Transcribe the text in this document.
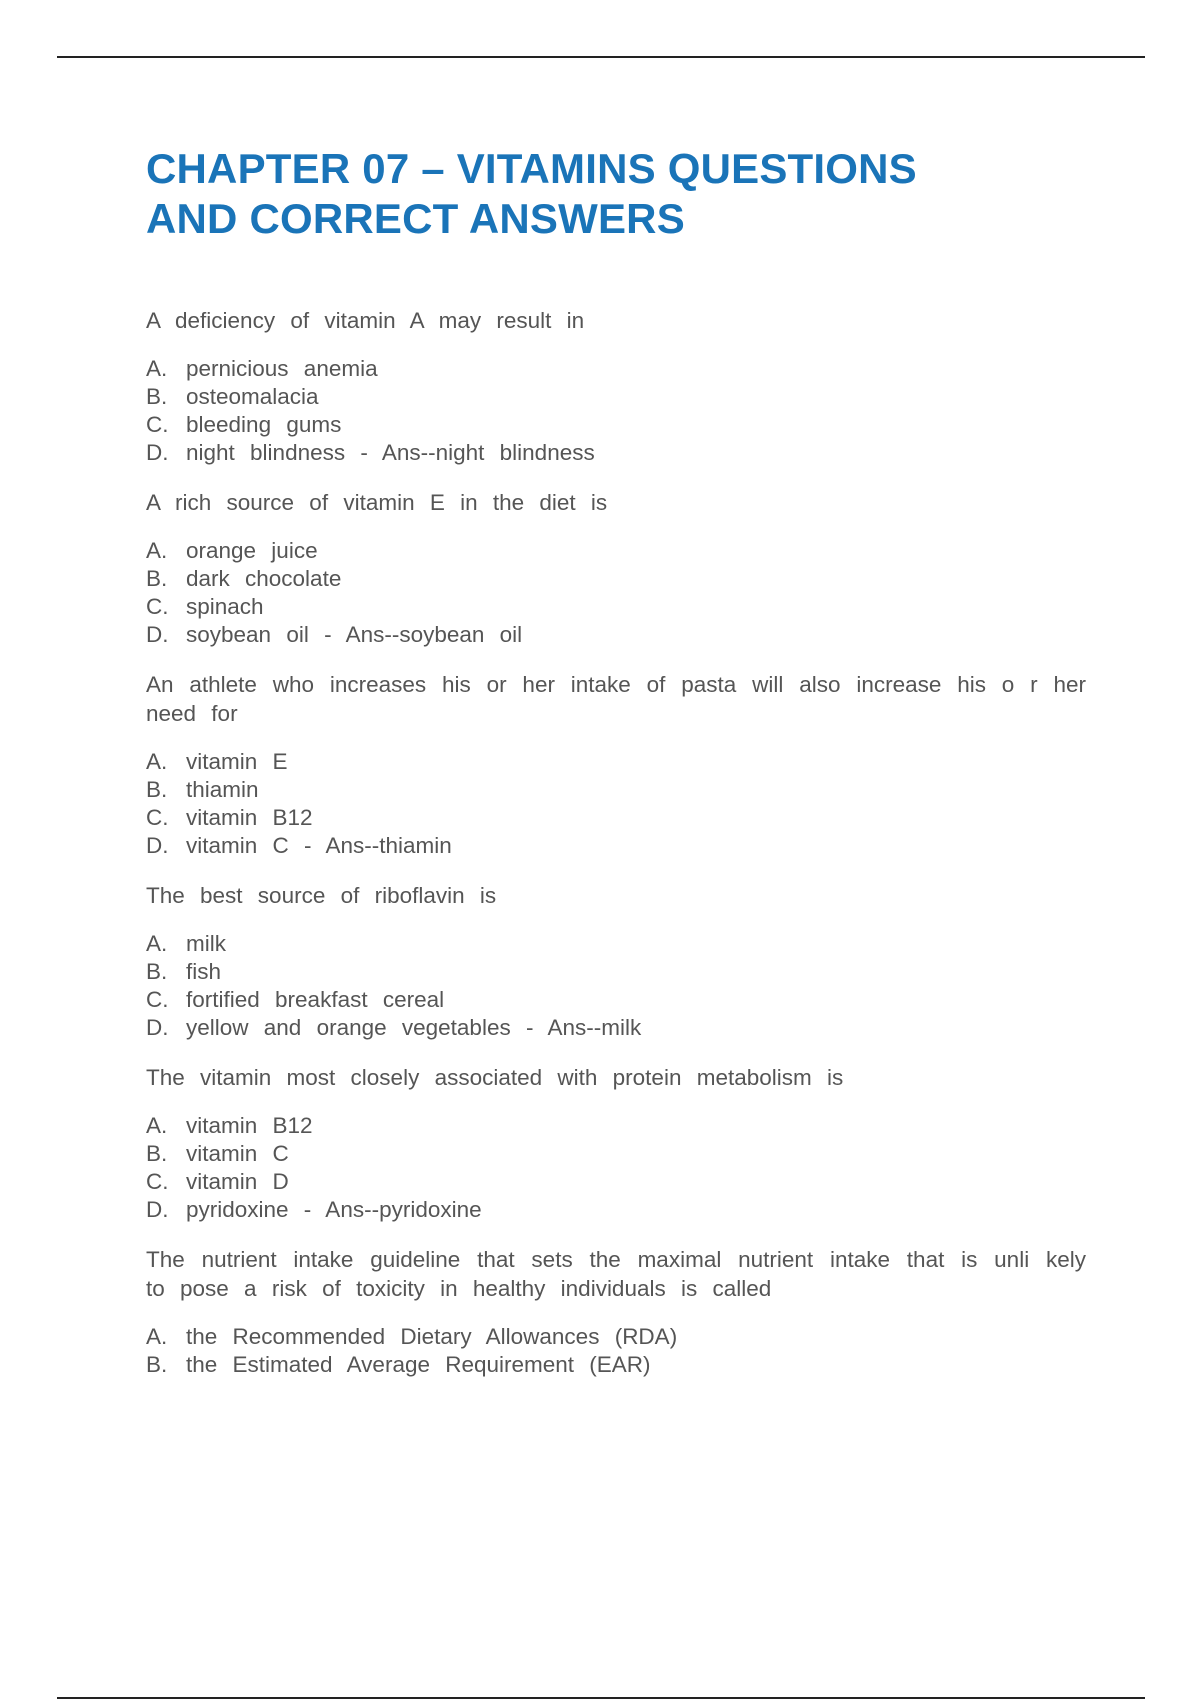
CHAPTER 07 – VITAMINS QUESTIONS
AND CORRECT ANSWERS

A deficiency of vitamin A may result in

A. pernicious anemia
B. osteomalacia
C. bleeding gums
D. night blindness - Ans--night blindness

A rich source of vitamin E in the diet is

A. orange juice
B. dark chocolate
C. spinach
D. soybean oil - Ans--soybean oil

An athlete who increases his or her intake of pasta will also increase his o r her need for

A. vitamin E
B. thiamin
C. vitamin B12
D. vitamin C - Ans--thiamin

The best source of riboflavin is

A. milk
B. fish
C. fortified breakfast cereal
D. yellow and orange vegetables - Ans--milk

The vitamin most closely associated with protein metabolism is

A. vitamin B12
B. vitamin C
C. vitamin D
D. pyridoxine - Ans--pyridoxine

The nutrient intake guideline that sets the maximal nutrient intake that is unli kely to pose a risk of toxicity in healthy individuals is called

A. the Recommended Dietary Allowances (RDA)
B. the Estimated Average Requirement (EAR)
